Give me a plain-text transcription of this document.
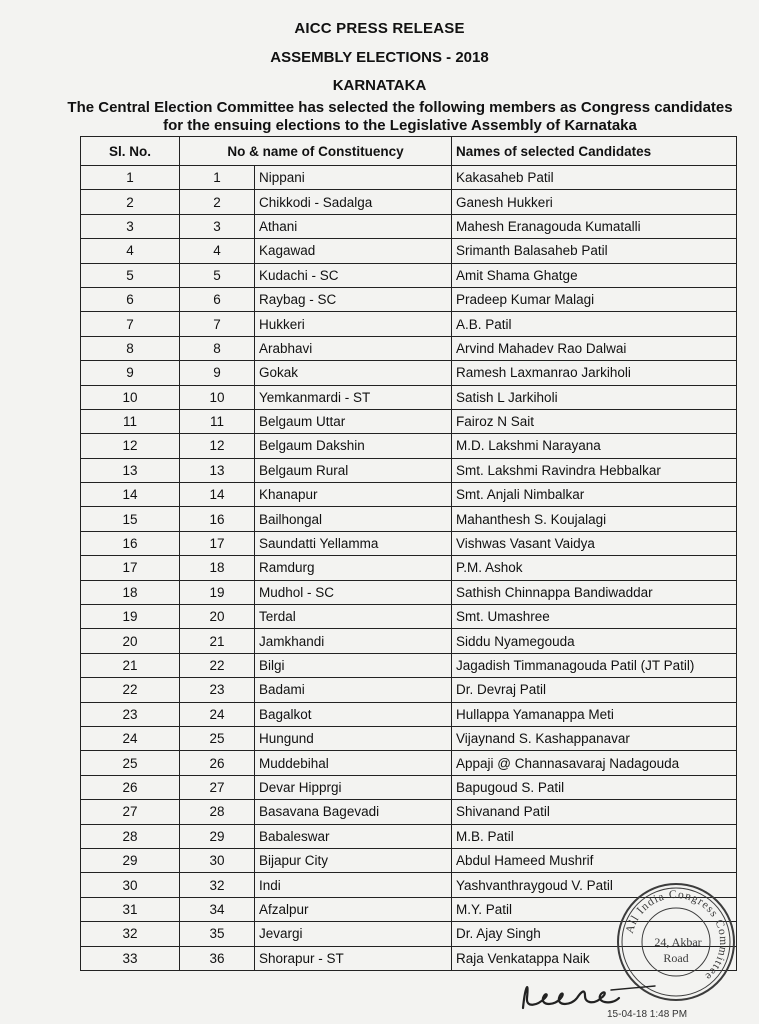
AICC PRESS RELEASE
ASSEMBLY ELECTIONS - 2018
KARNATAKA
The Central Election Committee has selected the following members as Congress candidates
for the ensuing elections to the Legislative Assembly of Karnataka
Sl. No.	No & name of Constituency		Names of selected Candidates
1	1	Nippani	Kakasaheb Patil
2	2	Chikkodi - Sadalga	Ganesh Hukkeri
3	3	Athani	Mahesh Eranagouda Kumatalli
4	4	Kagawad	Srimanth Balasaheb Patil
5	5	Kudachi - SC	Amit Shama Ghatge
6	6	Raybag - SC	Pradeep Kumar Malagi
7	7	Hukkeri	A.B. Patil
8	8	Arabhavi	Arvind Mahadev Rao Dalwai
9	9	Gokak	Ramesh Laxmanrao Jarkiholi
10	10	Yemkanmardi - ST	Satish L Jarkiholi
11	11	Belgaum Uttar	Fairoz N Sait
12	12	Belgaum Dakshin	M.D. Lakshmi Narayana
13	13	Belgaum Rural	Smt. Lakshmi Ravindra Hebbalkar
14	14	Khanapur	Smt. Anjali Nimbalkar
15	16	Bailhongal	Mahanthesh S. Koujalagi
16	17	Saundatti Yellamma	Vishwas Vasant Vaidya
17	18	Ramdurg	P.M. Ashok
18	19	Mudhol - SC	Sathish Chinnappa Bandiwaddar
19	20	Terdal	Smt. Umashree
20	21	Jamkhandi	Siddu Nyamegouda
21	22	Bilgi	Jagadish Timmanagouda Patil (JT Patil)
22	23	Badami	Dr. Devraj Patil
23	24	Bagalkot	Hullappa Yamanappa Meti
24	25	Hungund	Vijaynand S. Kashappanavar
25	26	Muddebihal	Appaji @ Channasavaraj Nadagouda
26	27	Devar Hipprgi	Bapugoud S. Patil
27	28	Basavana Bagevadi	Shivanand Patil
28	29	Babaleswar	M.B. Patil
29	30	Bijapur City	Abdul Hameed Mushrif
30	32	Indi	Yashvanthraygoud V. Patil
31	34	Afzalpur	M.Y. Patil
32	35	Jevargi	Dr. Ajay Singh
33	36	Shorapur - ST	Raja Venkatappa Naik
All India Congress Committee
24, Akbar
Road
15-04-18 1:48 PM
